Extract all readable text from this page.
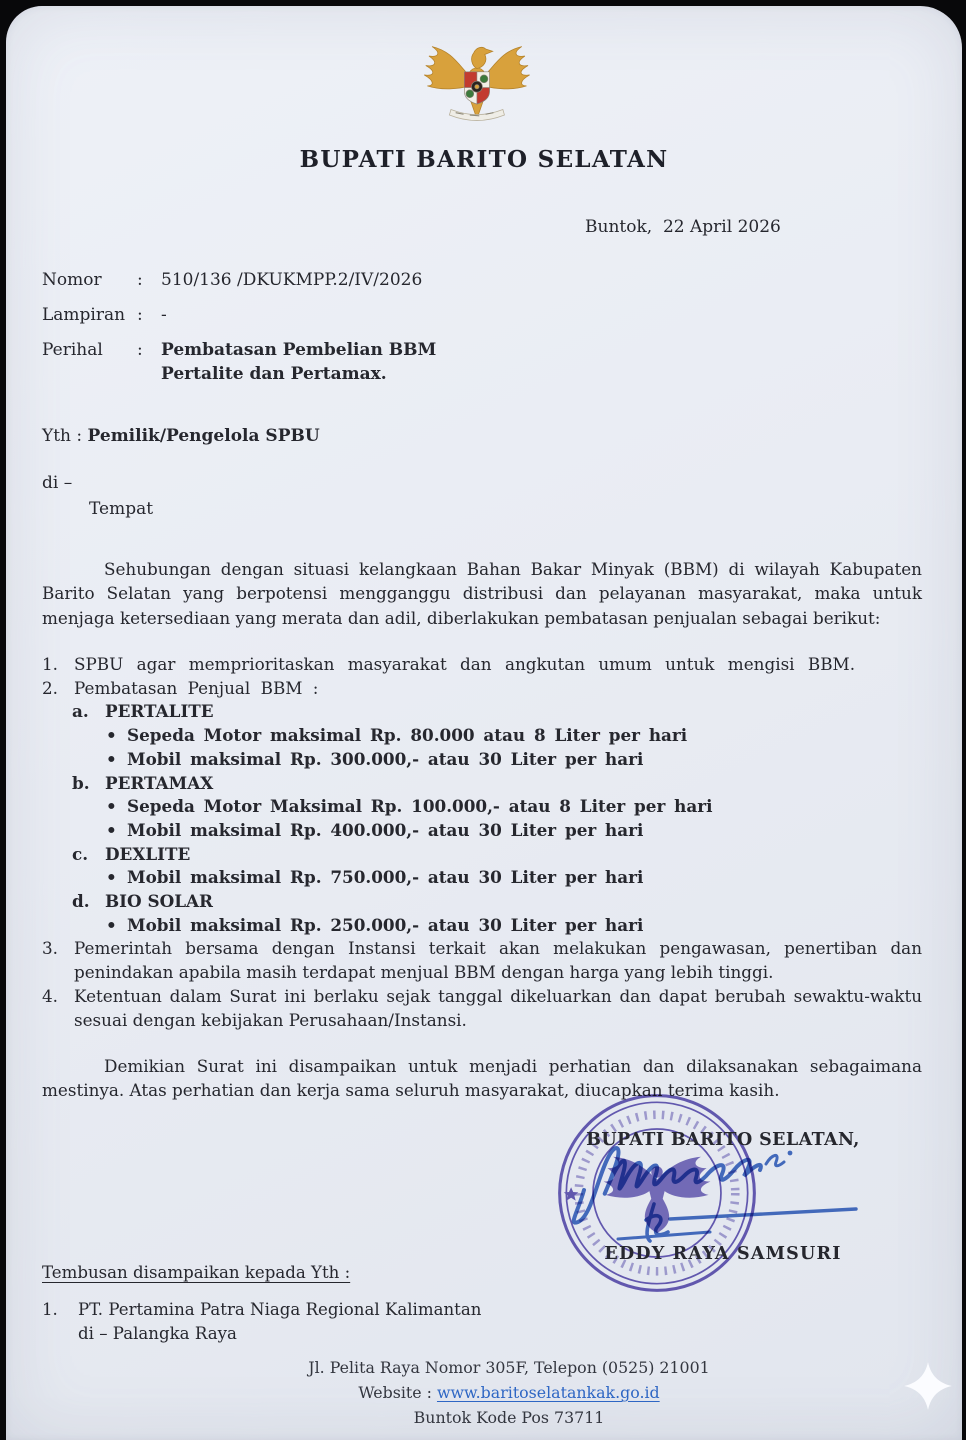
BUPATI BARITO SELATAN
Buntok,  22 April 2026
Nomor	:	510/136 /DKUKMPP.2/IV/2026
Lampiran :	-
Perihal	:	Pembatasan Pembelian BBM
Pertalite dan Pertamax.
Yth : Pemilik/Pengelola SPBU
di –
Tempat

Sehubungan dengan situasi kelangkaan Bahan Bakar Minyak (BBM) di wilayah Kabupaten Barito Selatan yang berpotensi mengganggu distribusi dan pelayanan masyarakat, maka untuk menjaga ketersediaan yang merata dan adil, diberlakukan pembatasan penjualan sebagai berikut:

1. SPBU agar memprioritaskan masyarakat dan angkutan umum untuk mengisi BBM.
2. Pembatasan Penjual BBM :
a. PERTALITE
• Sepeda Motor maksimal Rp. 80.000 atau 8 Liter per hari
• Mobil maksimal Rp. 300.000,- atau 30 Liter per hari
b. PERTAMAX
• Sepeda Motor Maksimal Rp. 100.000,- atau 8 Liter per hari
• Mobil maksimal Rp. 400.000,- atau 30 Liter per hari
c.	DEXLITE
• Mobil maksimal Rp. 750.000,- atau 30 Liter per hari
d. BIO SOLAR
• Mobil maksimal Rp. 250.000,- atau 30 Liter per hari
3. Pemerintah bersama dengan Instansi terkait akan melakukan pengawasan, penertiban dan penindakan apabila masih terdapat menjual BBM dengan harga yang lebih tinggi.
4. Ketentuan dalam Surat ini berlaku sejak tanggal dikeluarkan dan dapat berubah sewaktu-waktu sesuai dengan kebijakan Perusahaan/Instansi.

Demikian Surat ini disampaikan untuk menjadi perhatian dan dilaksanakan sebagaimana mestinya. Atas perhatian dan kerja sama seluruh masyarakat, diucapkan terima kasih.

BUPATI BARITO SELATAN,
EDDY RAYA SAMSURI
Tembusan disampaikan kepada Yth :
1.	PT. Pertamina Patra Niaga Regional Kalimantan
di – Palangka Raya
Jl. Pelita Raya Nomor 305F, Telepon (0525) 21001
Website : www.baritoselatankak.go.id
Buntok Kode Pos 73711
